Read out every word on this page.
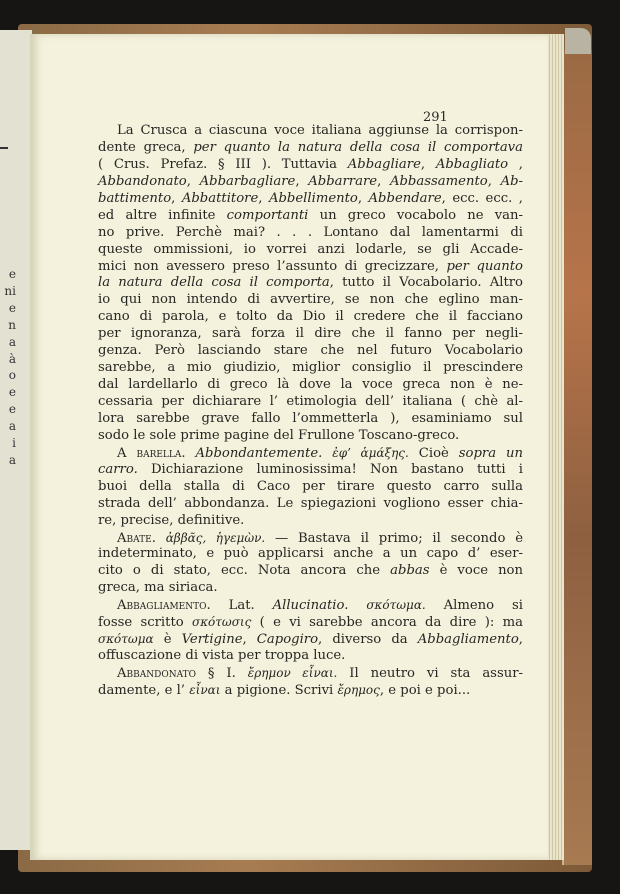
e
ni
e
n
a
à
o
e
e
a
i
a
291
La Crusca a ciascuna voce italiana aggiunse la corrispon-
dente greca, per quanto la natura della cosa il comportava
( Crus. Prefaz. § III ). Tuttavia Abbagliare, Abbagliato ,
Abbandonato, Abbarbagliare, Abbarrare, Abbassamento, Ab-
battimento, Abbattitore, Abbellimento, Abbendare, ecc. ecc. ,
ed altre infinite comportanti un greco vocabolo ne van-
no prive. Perchè mai? . . . Lontano dal lamentarmi di
queste ommissioni, io vorrei anzi lodarle, se gli Accade-
mici non avessero preso l’assunto di grecizzare, per quanto
la natura della cosa il comporta, tutto il Vocabolario. Altro
io qui non intendo di avvertire, se non che eglino man-
cano di parola, e tolto da Dio il credere che il facciano
per ignoranza, sarà forza il dire che il fanno per negli-
genza. Però lasciando stare che nel futuro Vocabolario
sarebbe, a mio giudizio, miglior consiglio il prescindere
dal lardellarlo di greco là dove la voce greca non è ne-
cessaria per dichiarare l’ etimologia dell’ italiana ( chè al-
lora sarebbe grave fallo l’ommetterla ), esaminiamo sul
sodo le sole prime pagine del Frullone Toscano-greco.
A barella. Abbondantemente. ἐφ’ ἁμάξης. Cioè sopra un
carro. Dichiarazione luminosissima! Non bastano tutti i
buoi della stalla di Caco per tirare questo carro sulla
strada dell’ abbondanza. Le spiegazioni vogliono esser chia-
re, precise, definitive.
Abate. ἀββᾶς, ἡγεμὼν. — Bastava il primo; il secondo è
indeterminato, e può applicarsi anche a un capo d’ eser-
cito o di stato, ecc. Nota ancora che abbas è voce non
greca, ma siriaca.
Abbagliamento. Lat. Allucinatio. σκότωμα. Almeno si
fosse scritto σκότωσις ( e vi sarebbe ancora da dire ): ma
σκότωμα è Vertigine, Capogiro, diverso da Abbagliamento,
offuscazione di vista per troppa luce.
Abbandonato § I. ἔρημον εἶναι. Il neutro vi sta assur-
damente, e l’ εἶναι a pigione. Scrivi ἔρημος, e poi e poi...
